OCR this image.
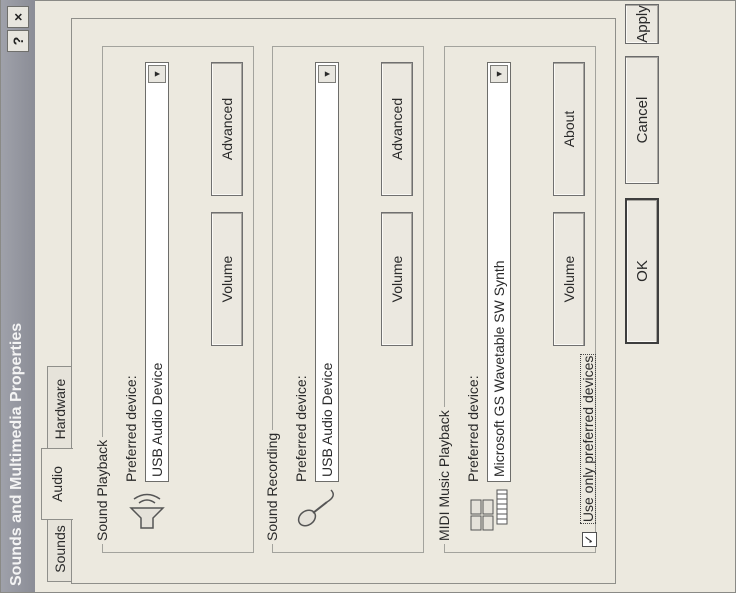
Sounds and Multimedia Properties
?
×
Sounds
Audio
Hardware
Sound Playback
Preferred device: USB Audio Device
▼
Volume
Advanced
Sound Recording
Preferred device: USB Audio Device
▼
Volume
Advanced
MIDI Music Playback Preferred device: Microsoft GS Wavetable SW Synth
▼
Volume
About
✓ Use only preferred devices
OK
Cancel
Apply
